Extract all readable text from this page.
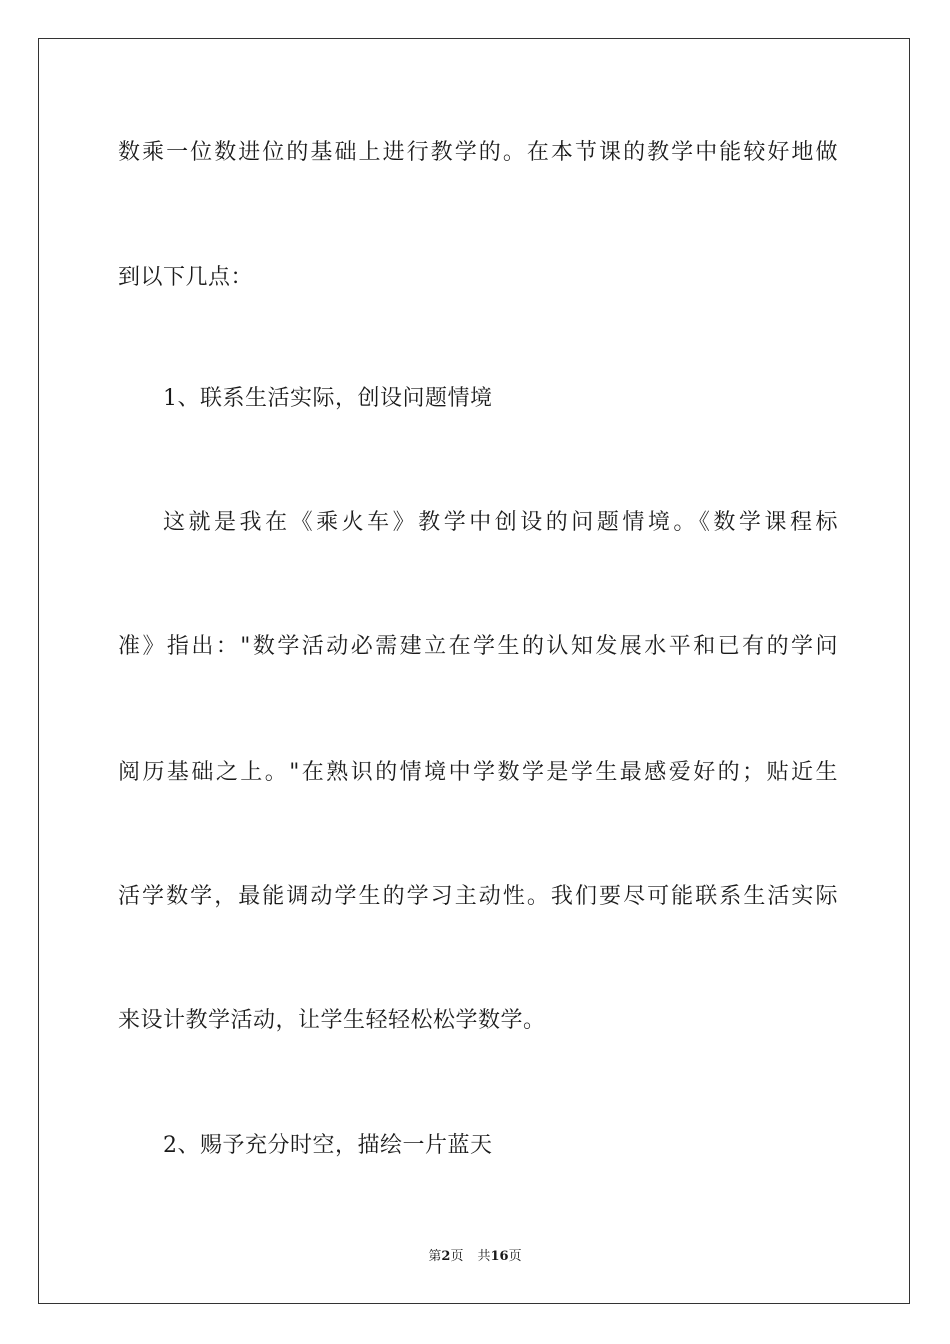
数乘一位数进位的基础上进行教学的。在本节课的教学中能较好地做
到以下几点：
1、联系生活实际，创设问题情境
这就是我在《乘火车》教学中创设的问题情境。《数学课程标
准》指出："数学活动必需建立在学生的认知发展水平和已有的学问
阅历基础之上。"在熟识的情境中学数学是学生最感爱好的；贴近生
活学数学，最能调动学生的学习主动性。我们要尽可能联系生活实际
来设计教学活动，让学生轻轻松松学数学。
2、赐予充分时空，描绘一片蓝天
第2页 共16页
